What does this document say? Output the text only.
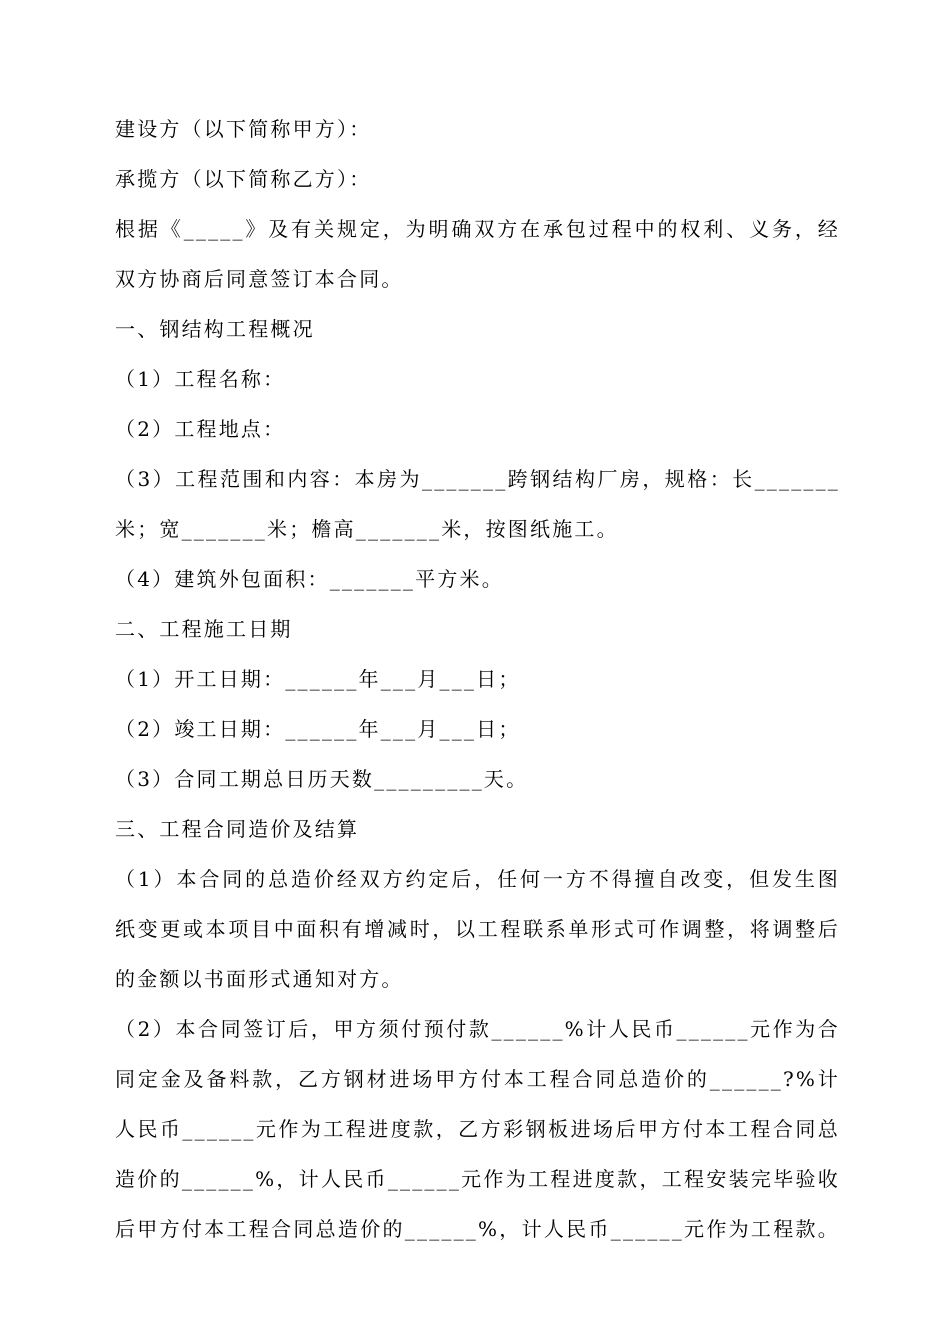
建设方（以下简称甲方）：
承揽方（以下简称乙方）：
根据《_____》及有关规定，为明确双方在承包过程中的权利、义务，经
双方协商后同意签订本合同。
一、钢结构工程概况
（1）工程名称：
（2）工程地点：
（3）工程范围和内容：本房为_______跨钢结构厂房，规格：长_______
米；宽_______米；檐高_______米，按图纸施工。
（4）建筑外包面积：_______平方米。
二、工程施工日期
（1）开工日期：______年___月___日；
（2）竣工日期：______年___月___日；
（3）合同工期总日历天数_________天。
三、工程合同造价及结算
（1）本合同的总造价经双方约定后，任何一方不得擅自改变，但发生图
纸变更或本项目中面积有增减时，以工程联系单形式可作调整，将调整后
的金额以书面形式通知对方。
（2）本合同签订后，甲方须付预付款______%计人民币______元作为合
同定金及备料款，乙方钢材进场甲方付本工程合同总造价的______?%计
人民币______元作为工程进度款，乙方彩钢板进场后甲方付本工程合同总
造价的______%，计人民币______元作为工程进度款，工程安装完毕验收
后甲方付本工程合同总造价的______%，计人民币______元作为工程款。
